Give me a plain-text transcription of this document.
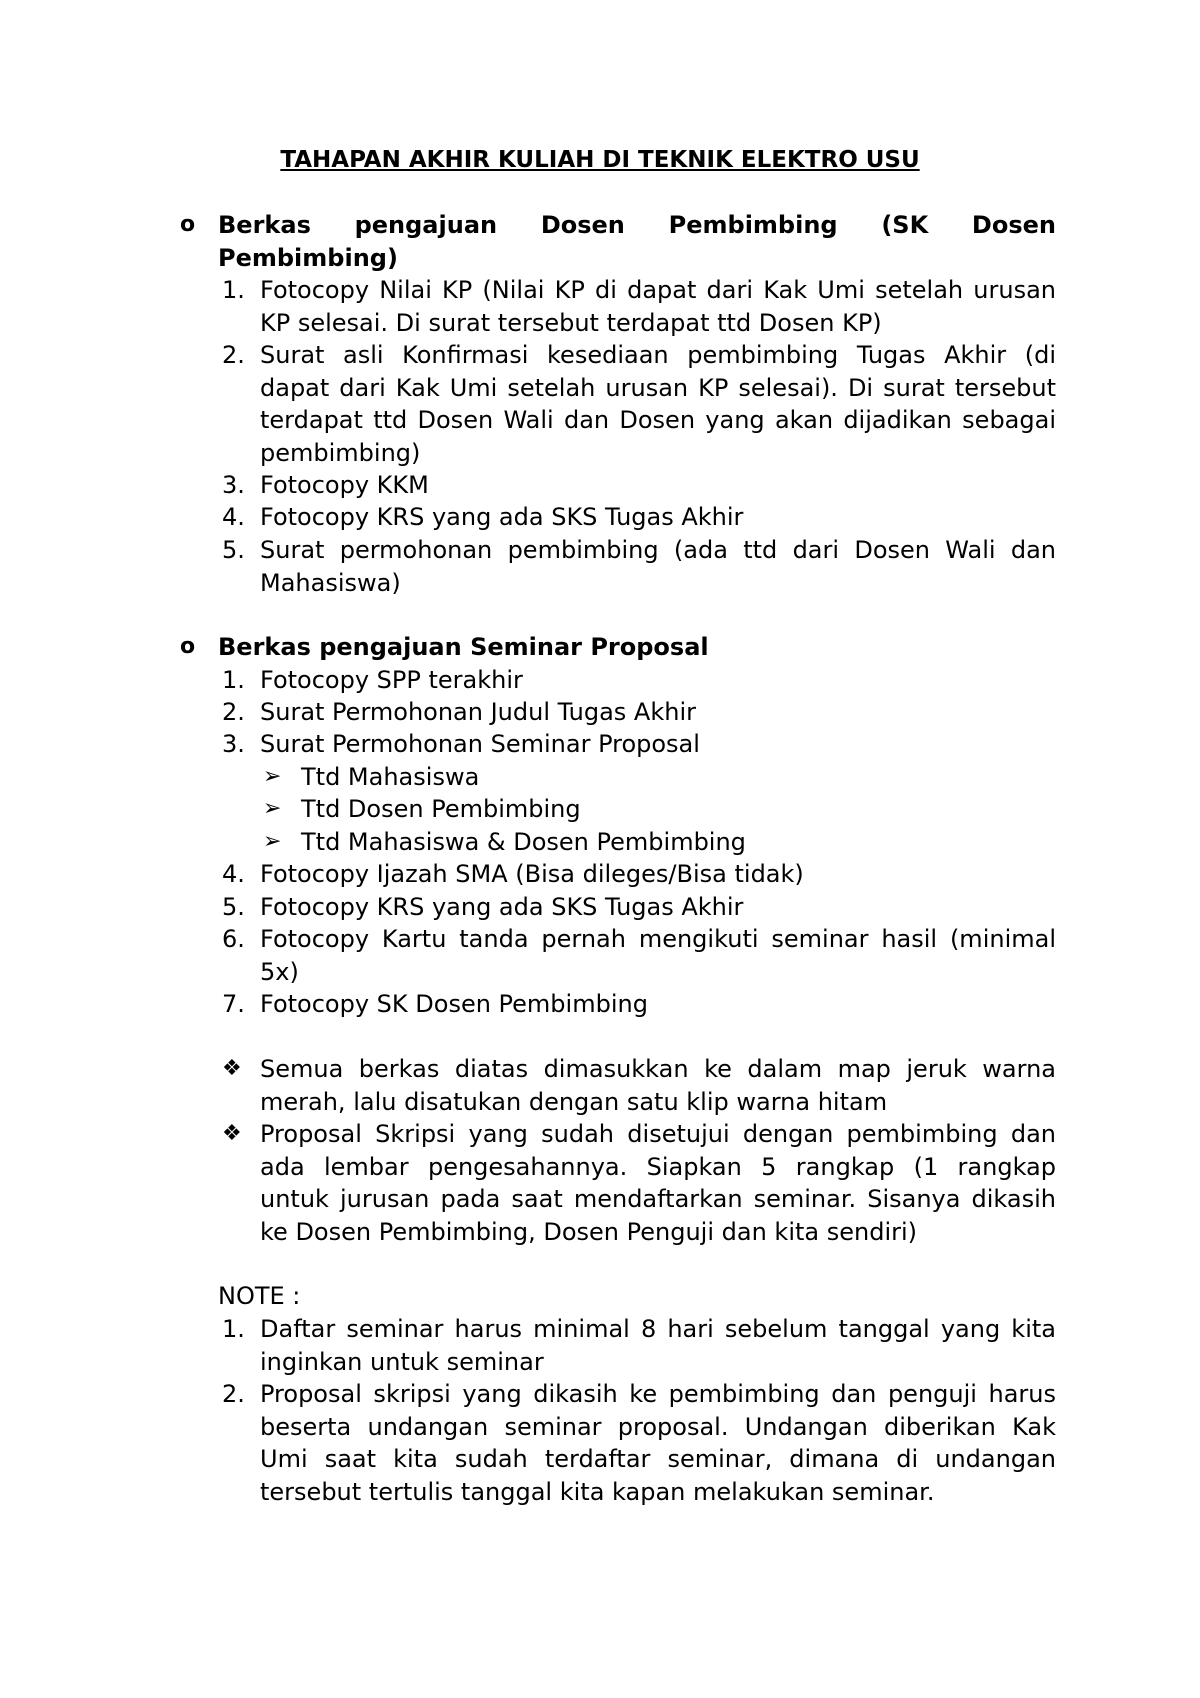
TAHAPAN AKHIR KULIAH DI TEKNIK ELEKTRO USU
o Berkas pengajuan Dosen Pembimbing (SK Dosen
Pembimbing)
1. Fotocopy Nilai KP (Nilai KP di dapat dari Kak Umi setelah urusan
KP selesai. Di surat tersebut terdapat ttd Dosen KP)
2. Surat asli Konfirmasi kesediaan pembimbing Tugas Akhir (di
dapat dari Kak Umi setelah urusan KP selesai). Di surat tersebut
terdapat ttd Dosen Wali dan Dosen yang akan dijadikan sebagai
pembimbing)
3. Fotocopy KKM
4. Fotocopy KRS yang ada SKS Tugas Akhir
5. Surat permohonan pembimbing (ada ttd dari Dosen Wali dan
Mahasiswa)
o Berkas pengajuan Seminar Proposal
1. Fotocopy SPP terakhir
2. Surat Permohonan Judul Tugas Akhir
3. Surat Permohonan Seminar Proposal
➢ Ttd Mahasiswa
➢ Ttd Dosen Pembimbing
➢ Ttd Mahasiswa & Dosen Pembimbing
4. Fotocopy Ijazah SMA (Bisa dileges/Bisa tidak)
5. Fotocopy KRS yang ada SKS Tugas Akhir
6. Fotocopy Kartu tanda pernah mengikuti seminar hasil (minimal
5x)
7. Fotocopy SK Dosen Pembimbing
❖ Semua berkas diatas dimasukkan ke dalam map jeruk warna
merah, lalu disatukan dengan satu klip warna hitam
❖ Proposal Skripsi yang sudah disetujui dengan pembimbing dan
ada lembar pengesahannya. Siapkan 5 rangkap (1 rangkap
untuk jurusan pada saat mendaftarkan seminar. Sisanya dikasih
ke Dosen Pembimbing, Dosen Penguji dan kita sendiri)
NOTE :
1. Daftar seminar harus minimal 8 hari sebelum tanggal yang kita
inginkan untuk seminar
2. Proposal skripsi yang dikasih ke pembimbing dan penguji harus
beserta undangan seminar proposal. Undangan diberikan Kak
Umi saat kita sudah terdaftar seminar, dimana di undangan
tersebut tertulis tanggal kita kapan melakukan seminar.
